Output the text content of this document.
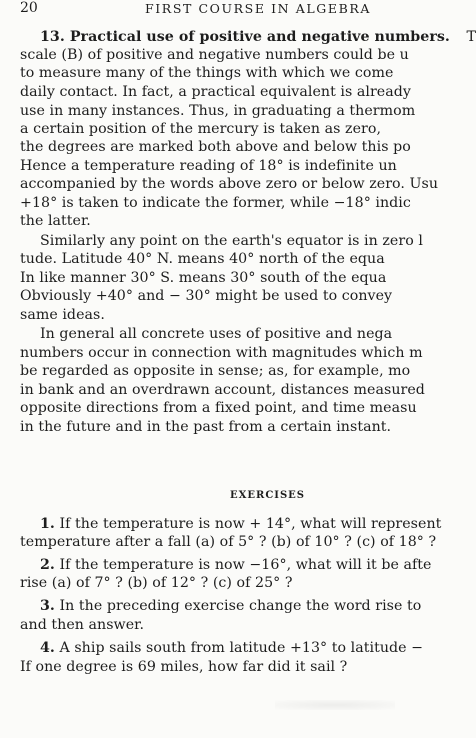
20	FIRST COURSE IN ALGEBRA
13. Practical use of positive and negative numbers. T
scale (B) of positive and negative numbers could be u
to measure many of the things with which we come
daily contact. In fact, a practical equivalent is already
use in many instances. Thus, in graduating a thermom
a certain position of the mercury is taken as zero,
the degrees are marked both above and below this po
Hence a temperature reading of 18° is indefinite un
accompanied by the words above zero or below zero. Usu
+18° is taken to indicate the former, while −18° indic
the latter.
Similarly any point on the earth's equator is in zero l
tude. Latitude 40° N. means 40° north of the equa
In like manner 30° S. means 30° south of the equa
Obviously +40° and − 30° might be used to convey
same ideas.
In general all concrete uses of positive and nega
numbers occur in connection with magnitudes which m
be regarded as opposite in sense; as, for example, mo
in bank and an overdrawn account, distances measured
opposite directions from a fixed point, and time measu
in the future and in the past from a certain instant.
EXERCISES
1. If the temperature is now + 14°, what will represent
temperature after a fall (a) of 5° ? (b) of 10° ? (c) of 18° ?
2. If the temperature is now −16°, what will it be afte
rise (a) of 7° ? (b) of 12° ? (c) of 25° ?
3. In the preceding exercise change the word rise to
and then answer.
4. A ship sails south from latitude +13° to latitude −
If one degree is 69 miles, how far did it sail ?
